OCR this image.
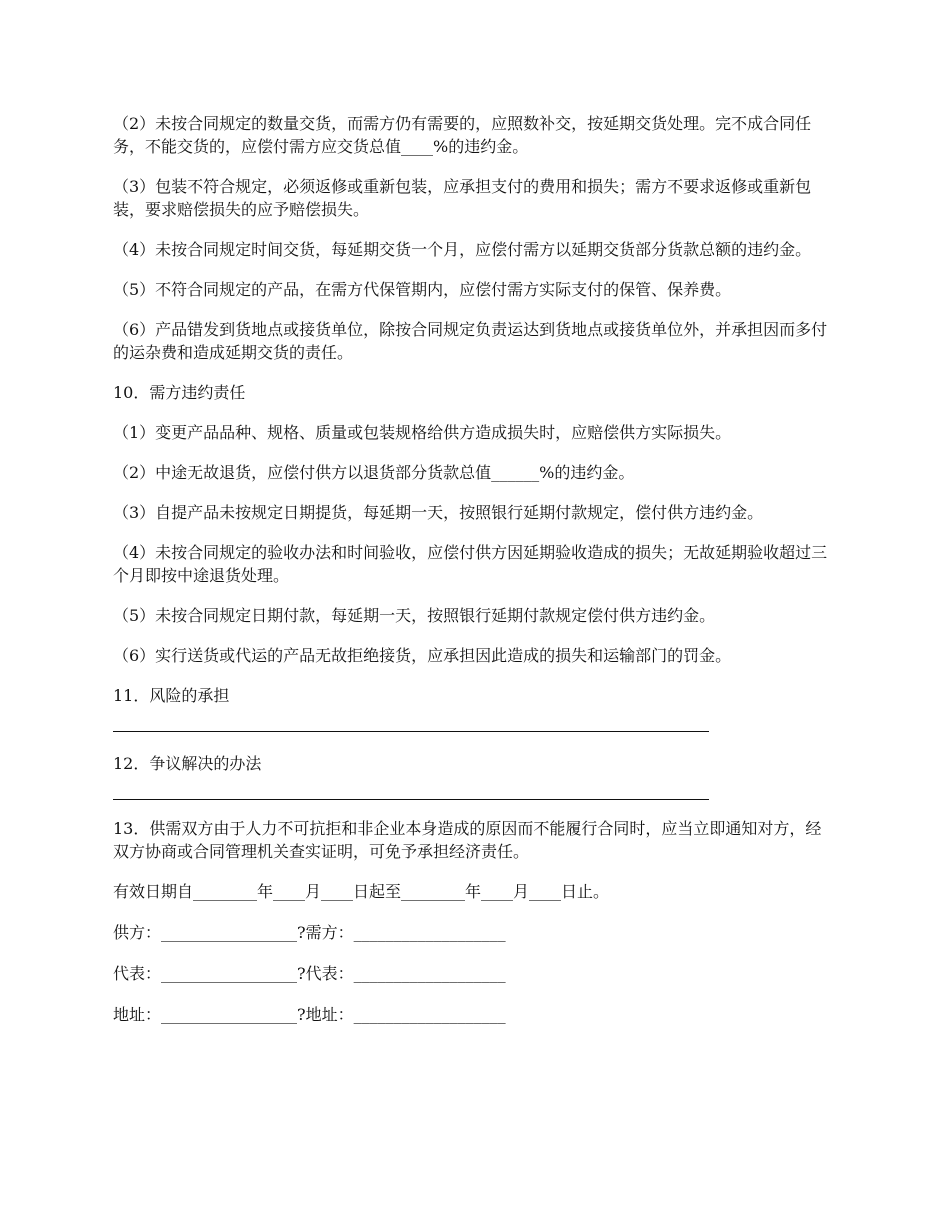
（2）未按合同规定的数量交货，而需方仍有需要的，应照数补交，按延期交货处理。完不成合同任务，不能交货的，应偿付需方应交货总值____%的违约金。

（3）包装不符合规定，必须返修或重新包装，应承担支付的费用和损失；需方不要求返修或重新包装，要求赔偿损失的应予赔偿损失。

（4）未按合同规定时间交货，每延期交货一个月，应偿付需方以延期交货部分货款总额的违约金。

（5）不符合同规定的产品，在需方代保管期内，应偿付需方实际支付的保管、保养费。

（6）产品错发到货地点或接货单位，除按合同规定负责运达到货地点或接货单位外，并承担因而多付的运杂费和造成延期交货的责任。

10．需方违约责任

（1）变更产品品种、规格、质量或包装规格给供方造成损失时，应赔偿供方实际损失。

（2）中途无故退货，应偿付供方以退货部分货款总值______%的违约金。

（3）自提产品未按规定日期提货，每延期一天，按照银行延期付款规定，偿付供方违约金。

（4）未按合同规定的验收办法和时间验收，应偿付供方因延期验收造成的损失；无故延期验收超过三个月即按中途退货处理。

（5）未按合同规定日期付款，每延期一天，按照银行延期付款规定偿付供方违约金。

（6）实行送货或代运的产品无故拒绝接货，应承担因此造成的损失和运输部门的罚金。

11．风险的承担

12．争议解决的办法

13．供需双方由于人力不可抗拒和非企业本身造成的原因而不能履行合同时，应当立即通知对方，经双方协商或合同管理机关查实证明，可免予承担经济责任。

有效日期自________年____月____日起至________年____月____日止。

供方：_________________?需方：___________________

代表：_________________?代表：___________________

地址：_________________?地址：___________________
